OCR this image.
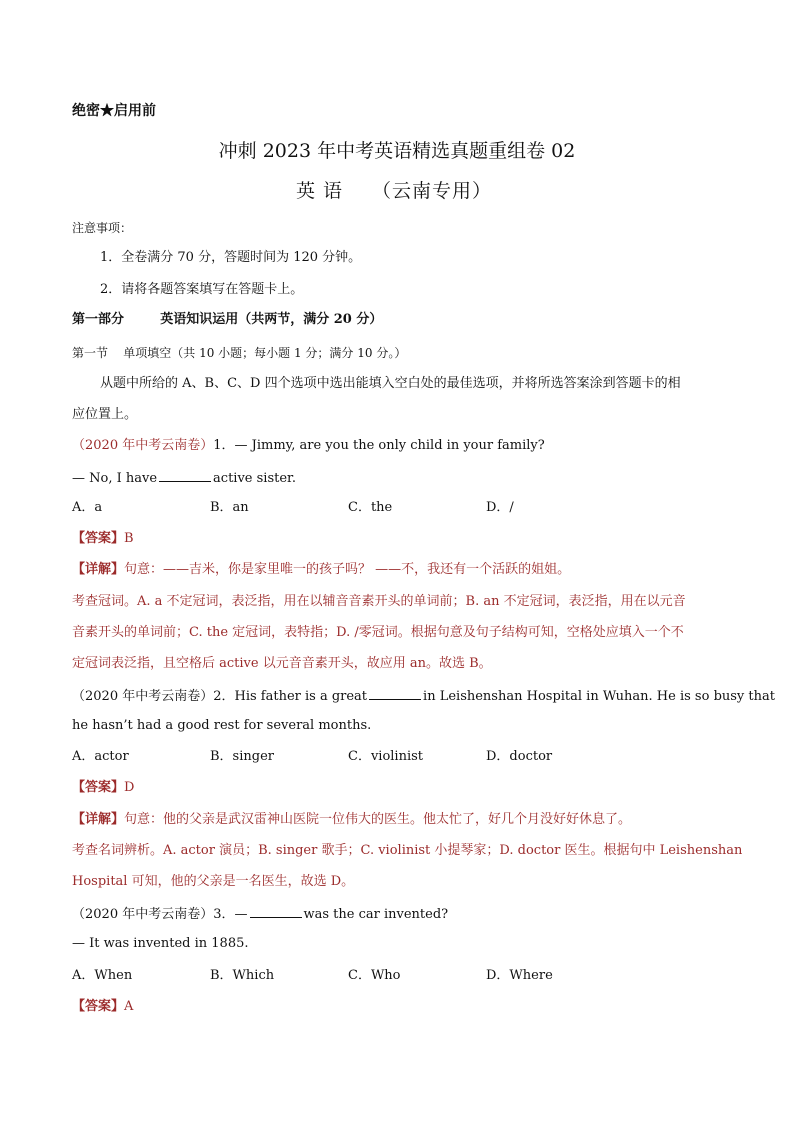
绝密★启用前
冲刺 2023 年中考英语精选真题重组卷 02
英 语 （云南专用）
注意事项：
1．全卷满分 70 分，答题时间为 120 分钟。
2．请将各题答案填写在答题卡上。
第一部分        英语知识运用（共两节，满分 20 分）
第一节    单项填空（共 10 小题；每小题 1 分；满分 10 分。）
从题中所给的 A、B、C、D 四个选项中选出能填入空白处的最佳选项，并将所选答案涂到答题卡的相
应位置上。
（2020 年中考云南卷）1．— Jimmy, are you the only child in your family?
— No, I have	active sister.
A．a	B．an	C．the	D．/
【答案】B
【详解】句意：——吉米，你是家里唯一的孩子吗？ ——不，我还有一个活跃的姐姐。
考查冠词。A. a 不定冠词，表泛指，用在以辅音音素开头的单词前；B. an 不定冠词，表泛指，用在以元音
音素开头的单词前；C. the 定冠词，表特指；D. /零冠词。根据句意及句子结构可知，空格处应填入一个不
定冠词表泛指，且空格后 active 以元音音素开头，故应用 an。故选 B。
（2020 年中考云南卷）2．His father is a great	in Leishenshan Hospital in Wuhan. He is so busy that
he hasn’t had a good rest for several months.
A．actor	B．singer	C．violinist	D．doctor
【答案】D
【详解】句意：他的父亲是武汉雷神山医院一位伟大的医生。他太忙了，好几个月没好好休息了。
考查名词辨析。A. actor 演员；B. singer 歌手；C. violinist 小提琴家；D. doctor 医生。根据句中 Leishenshan
Hospital 可知，他的父亲是一名医生，故选 D。
（2020 年中考云南卷）3．—	was the car invented?
— It was invented in 1885.
A．When	B．Which	C．Who	D．Where
【答案】A
